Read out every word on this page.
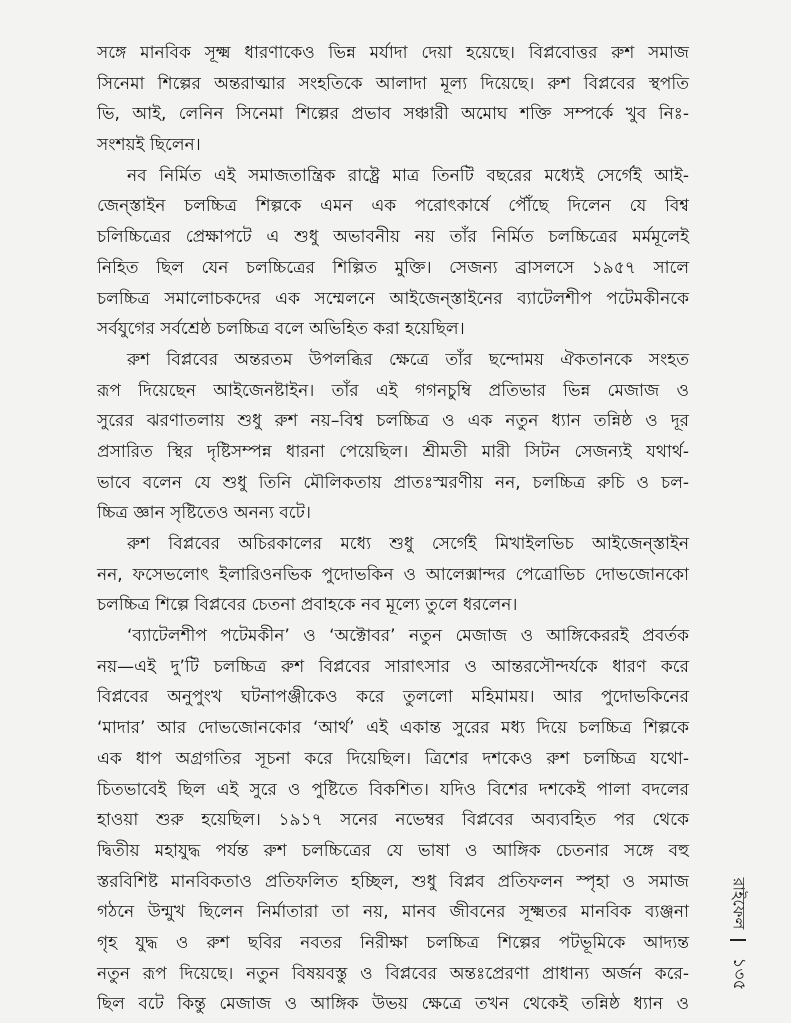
সঙ্গে মানবিক সূক্ষ্ম ধারণাকেও ভিন্ন মর্যাদা দেয়া হয়েছে। বিপ্লবোত্তর রুশ সমাজ
সিনেমা শিল্পের অন্তরাত্মার সংহতিকে আলাদা মূল্য দিয়েছে। রুশ বিপ্লবের স্থপতি
ভি, আই, লেনিন সিনেমা শিল্পের প্রভাব সঞ্চারী অমোঘ শক্তি সম্পর্কে খুব নিঃ-
সংশয়ই ছিলেন।
নব নির্মিত এই সমাজতান্ত্রিক রাষ্ট্রে মাত্র তিনটি বছরের মধ্যেই সের্গেই আই-
জেন্‌স্তাইন চলচ্চিত্র শিল্পকে এমন এক পরোৎকার্ষে পৌঁছে দিলেন যে বিশ্ব
চলিচ্চিত্রের প্রেক্ষাপটে এ শুধু অভাবনীয় নয় তাঁর নির্মিত চলচ্চিত্রের মর্মমূলেই
নিহিত ছিল যেন চলচ্চিত্রের শিল্পিত মুক্তি। সেজন্য ব্রাসলসে ১৯৫৭ সালে
চলচ্চিত্র সমালোচকদের এক সম্মেলনে আইজেন্‌স্তাইনের ব্যাটেলশীপ পটেমকীনকে
সর্বযুগের সর্বশ্রেষ্ঠ চলচ্চিত্র বলে অভিহিত করা হয়েছিল।
রুশ বিপ্লবের অন্তরতম উপলব্ধির ক্ষেত্রে তাঁর ছন্দোময় ঐকতানকে সংহত
রূপ দিয়েছেন আইজেনষ্টাইন। তাঁর এই গগনচুম্বি প্রতিভার ভিন্ন মেজাজ ও
সুরের ঝরণাতলায় শুধু রুশ নয়–বিশ্ব চলচ্চিত্র ও এক নতুন ধ্যান তন্নিষ্ঠ ও দূর
প্রসারিত স্থির দৃষ্টিসম্পন্ন ধারনা পেয়েছিল। শ্রীমতী মারী সিটন সেজন্যই যথার্থ-
ভাবে বলেন যে শুধু তিনি মৌলিকতায় প্রাতঃস্মরণীয় নন, চলচ্চিত্র রুচি ও চল-
চ্চিত্র জ্ঞান সৃষ্টিতেও অনন্য বটে।
রুশ বিপ্লবের অচিরকালের মধ্যে শুধু সের্গেই মিখাইলভিচ আইজেন্‌স্তাইন
নন, ফসেভলোৎ ইলারিওনভিক পুদোভকিন ও আলেক্সান্দর পেত্রোভিচ দোভজোনকো
চলচ্চিত্র শিল্পে বিপ্লবের চেতনা প্রবাহকে নব মূল্যে তুলে ধরলেন।
‘ব্যাটেলশীপ পটেমকীন’ ও ‘অক্টোবর’ নতুন মেজাজ ও আঙ্গিকেররই প্রবর্তক
নয়—এই দু’টি চলচ্চিত্র রুশ বিপ্লবের সারাৎসার ও আন্তরসৌন্দর্যকে ধারণ করে
বিপ্লবের অনুপুংখ ঘটনাপঞ্জীকেও করে তুললো মহিমাময়। আর পুদোভকিনের
‘মাদার’ আর দোভজোনকোর ‘আর্থ’ এই একান্ত সুরের মধ্য দিয়ে চলচ্চিত্র শিল্পকে
এক ধাপ অগ্রগতির সূচনা করে দিয়েছিল। ত্রিশের দশকেও রুশ চলচ্চিত্র যথো-
চিতভাবেই ছিল এই সুরে ও পুষ্টিতে বিকশিত। যদিও বিশের দশকেই পালা বদলের
হাওয়া শুরু হয়েছিল। ১৯১৭ সনের নভেম্বর বিপ্লবের অব্যবহিত পর থেকে
দ্বিতীয় মহাযুদ্ধ পর্যন্ত রুশ চলচ্চিত্রের যে ভাষা ও আঙ্গিক চেতনার সঙ্গে বহু
স্তরবিশিষ্ট মানবিকতাও প্রতিফলিত হচ্ছিল, শুধু বিপ্লব প্রতিফলন স্পৃহা ও সমাজ
গঠনে উন্মুখ ছিলেন নির্মাতারা তা নয়, মানব জীবনের সূক্ষ্মতর মানবিক ব্যঞ্জনা
গৃহ যুদ্ধ ও রুশ ছবির নবতর নিরীক্ষা চলচ্চিত্র শিল্পের পটভূমিকে আদ্যন্ত
নতুন রূপ দিয়েছে। নতুন বিষয়বস্তু ও বিপ্লবের অন্তঃপ্রেরণা প্রাধান্য অর্জন করে-
ছিল বটে কিন্তু মেজাজ ও আঙ্গিক উভয় ক্ষেত্রে তখন থেকেই তন্নিষ্ঠ ধ্যান ও
রাইফেল
১৩৫
